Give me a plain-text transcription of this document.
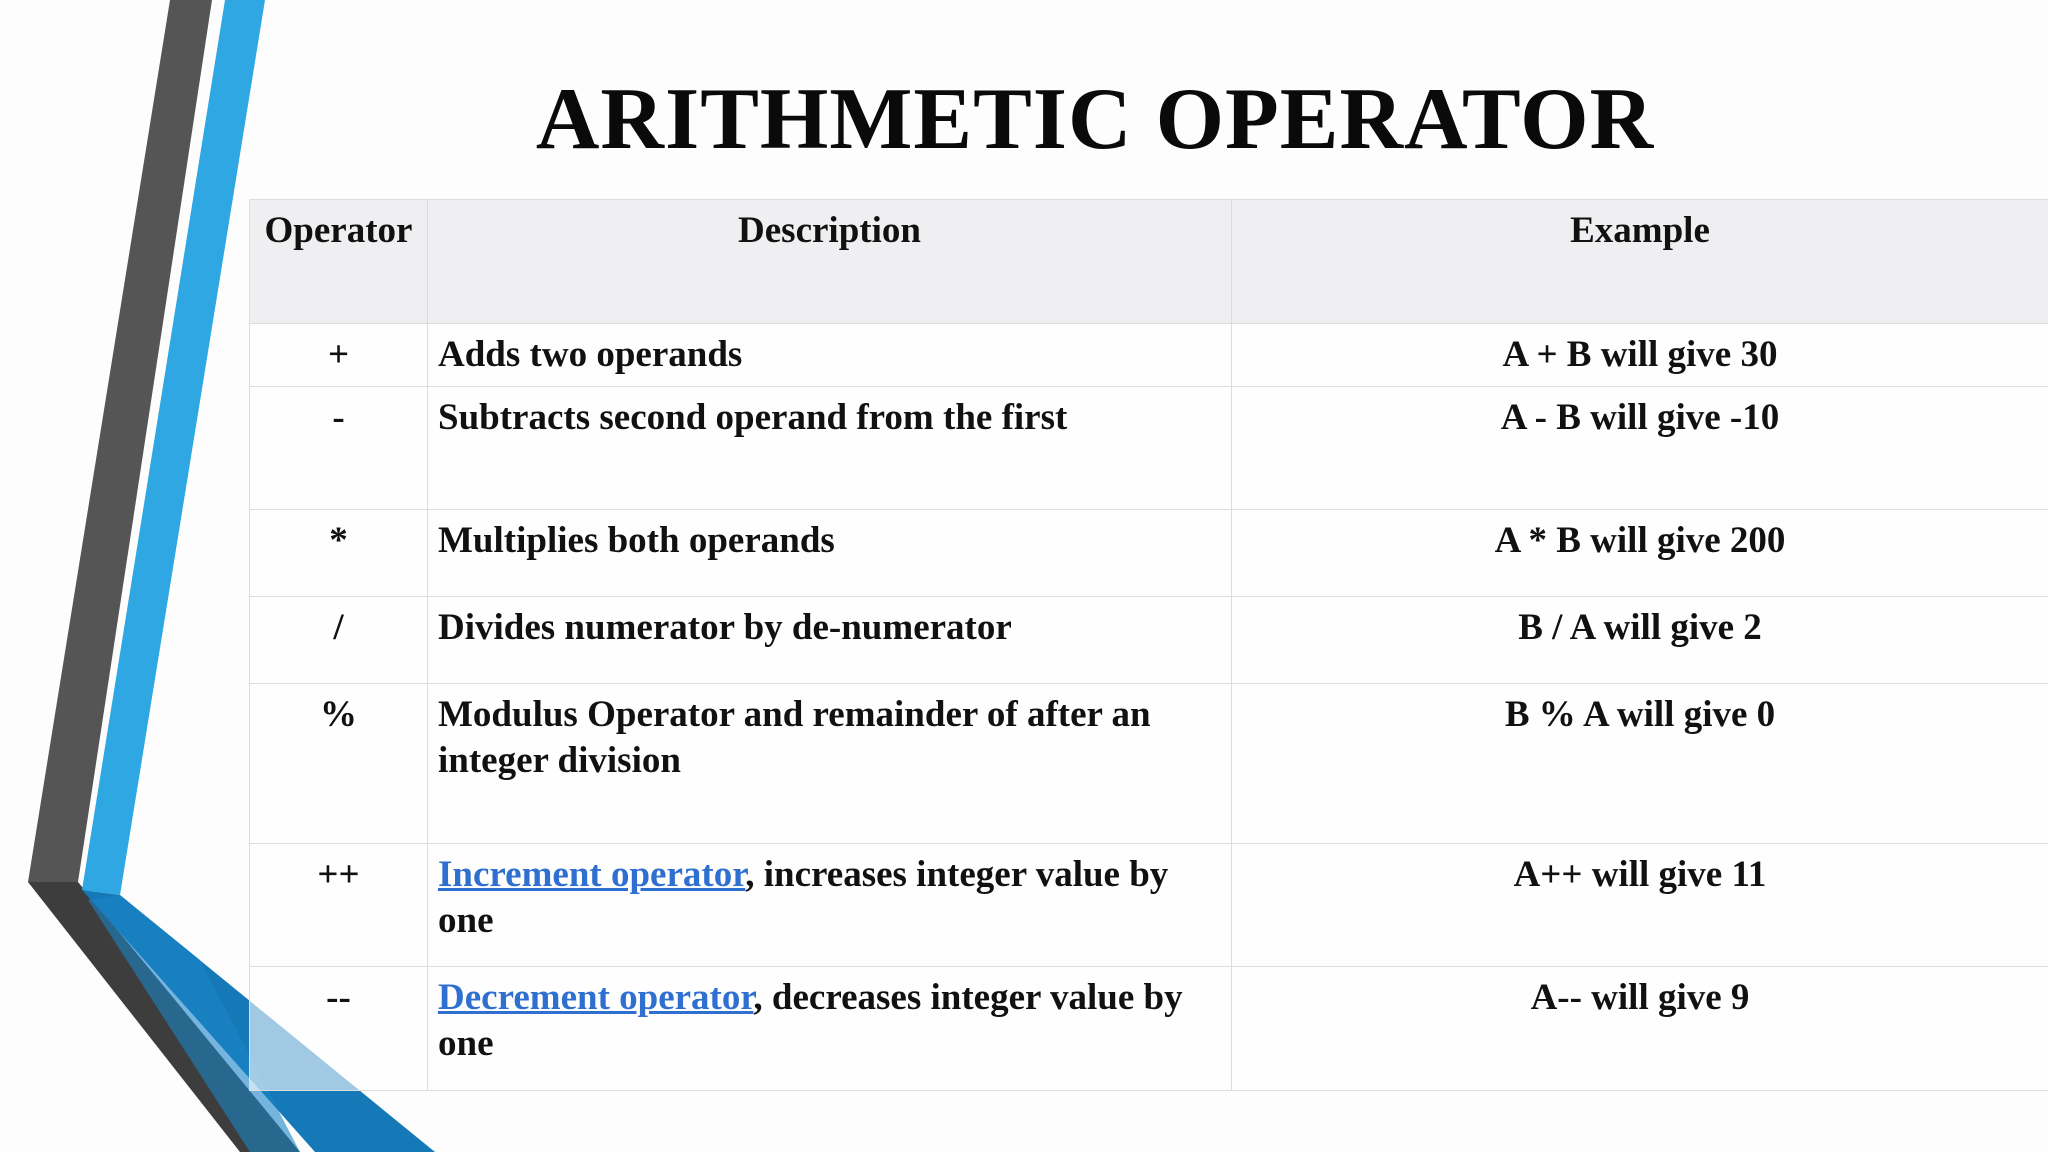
ARITHMETIC OPERATOR
Operator	Description	Example
+	Adds two operands	A + B will give 30
-	Subtracts second operand from the first	A - B will give -10
*	Multiplies both operands	A * B will give 200
/	Divides numerator by de-numerator	B / A will give 2
%	Modulus Operator and remainder of after an integer division	B % A will give 0
++	Increment operator, increases integer value by one	A++ will give 11
--	Decrement operator, decreases integer value by one	A-- will give 9
